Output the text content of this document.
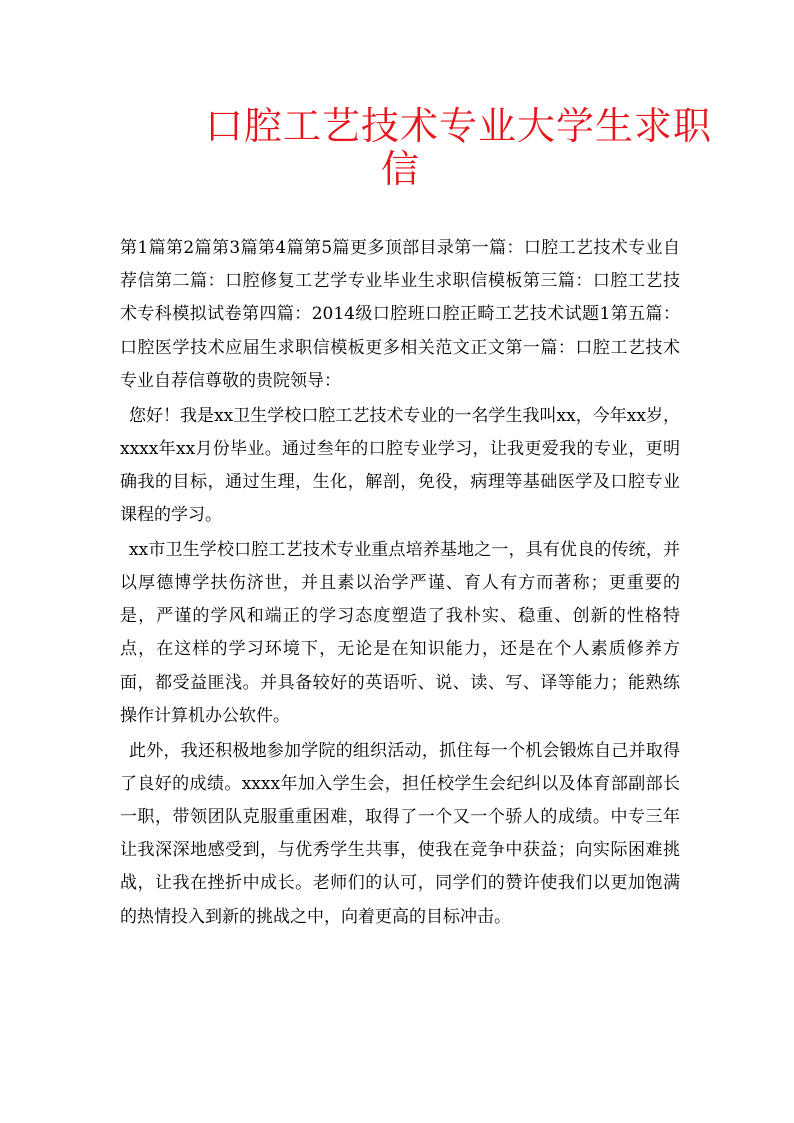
口腔工艺技术专业大学生求职
信

第1篇第2篇第3篇第4篇第5篇更多顶部目录第一篇：口腔工艺技术专业自荐信第二篇：口腔修复工艺学专业毕业生求职信模板第三篇：口腔工艺技术专科模拟试卷第四篇：2014级口腔班口腔正畸工艺技术试题1第五篇：口腔医学技术应届生求职信模板更多相关范文正文第一篇：口腔工艺技术专业自荐信尊敬的贵院领导：

您好！我是xx卫生学校口腔工艺技术专业的一名学生我叫xx，今年xx岁，xxxx年xx月份毕业。通过叁年的口腔专业学习，让我更爱我的专业，更明确我的目标，通过生理，生化，解剖，免役，病理等基础医学及口腔专业课程的学习。

xx市卫生学校口腔工艺技术专业重点培养基地之一，具有优良的传统，并以厚德博学扶伤济世，并且素以治学严谨、育人有方而著称；更重要的是，严谨的学风和端正的学习态度塑造了我朴实、稳重、创新的性格特点，在这样的学习环境下，无论是在知识能力，还是在个人素质修养方面，都受益匪浅。并具备较好的英语听、说、读、写、译等能力；能熟练操作计算机办公软件。

此外，我还积极地参加学院的组织活动，抓住每一个机会锻炼自己并取得了良好的成绩。xxxx年加入学生会，担任校学生会纪纠以及体育部副部长一职，带领团队克服重重困难，取得了一个又一个骄人的成绩。中专三年让我深深地感受到，与优秀学生共事，使我在竞争中获益；向实际困难挑战，让我在挫折中成长。老师们的认可，同学们的赞许使我们以更加饱满的热情投入到新的挑战之中，向着更高的目标冲击。
